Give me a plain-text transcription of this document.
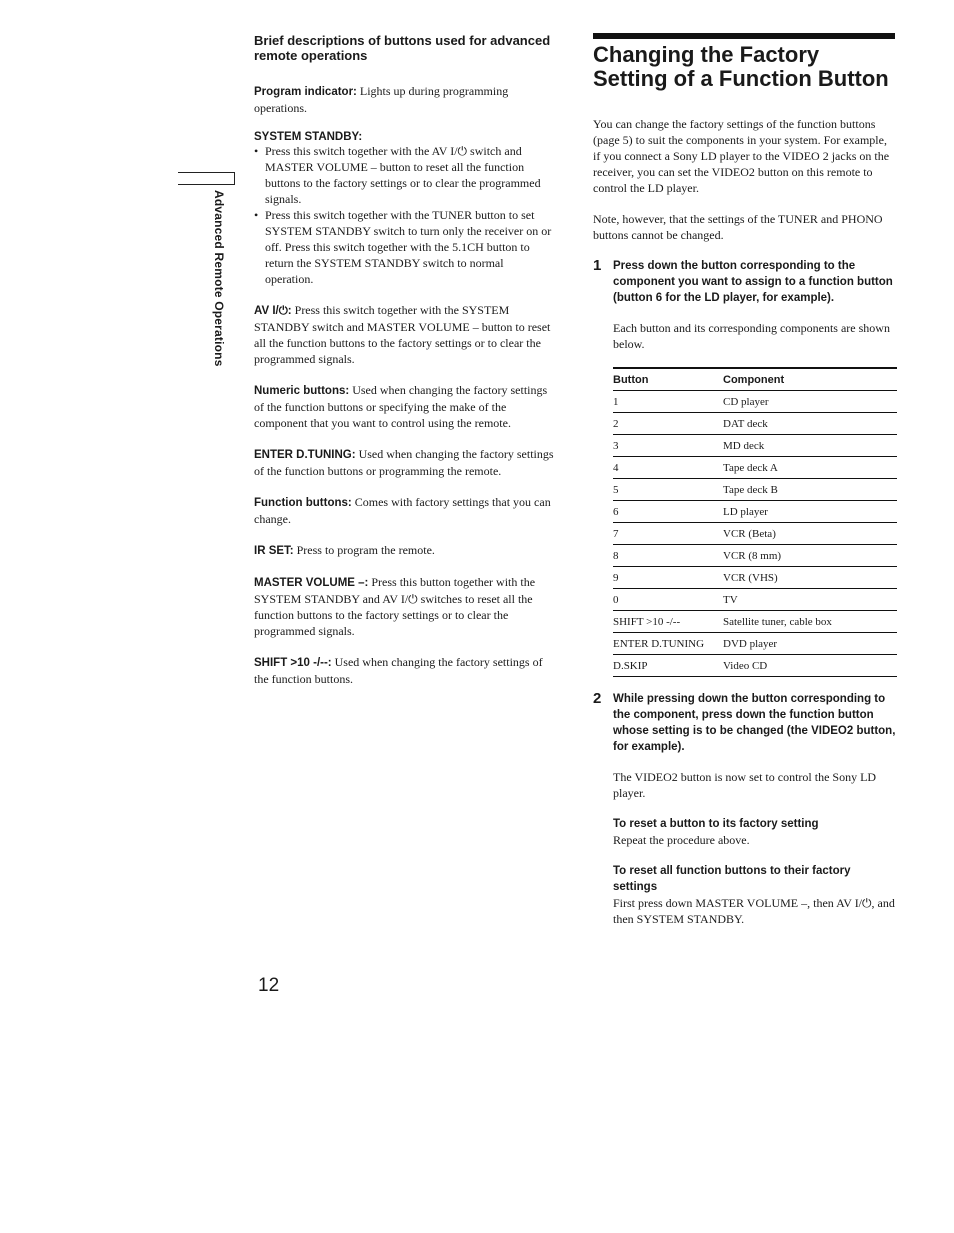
Advanced Remote Operations
Brief descriptions of buttons used for advanced remote operations

Program indicator: Lights up during programming operations.

SYSTEM STANDBY:
• Press this switch together with the AV I/⏻ switch and MASTER VOLUME – button to reset all the function buttons to the factory settings or to clear the programmed signals.
• Press this switch together with the TUNER button to set SYSTEM STANDBY switch to turn only the receiver on or off. Press this switch together with the 5.1CH button to return the SYSTEM STANDBY switch to normal operation.

AV I/⏻: Press this switch together with the SYSTEM STANDBY switch and MASTER VOLUME – button to reset all the function buttons to the factory settings or to clear the programmed signals.

Numeric buttons: Used when changing the factory settings of the function buttons or specifying the make of the component that you want to control using the remote.

ENTER D.TUNING: Used when changing the factory settings of the function buttons or programming the remote.

Function buttons: Comes with factory settings that you can change.

IR SET: Press to program the remote.

MASTER VOLUME –: Press this button together with the SYSTEM STANDBY and AV I/⏻ switches to reset all the function buttons to the factory settings or to clear the programmed signals.

SHIFT >10 -/--: Used when changing the factory settings of the function buttons.

Changing the Factory Setting of a Function Button

You can change the factory settings of the function buttons (page 5) to suit the components in your system. For example, if you connect a Sony LD player to the VIDEO 2 jacks on the receiver, you can set the VIDEO2 button on this remote to control the LD player.

Note, however, that the settings of the TUNER and PHONO buttons cannot be changed.

1 Press down the button corresponding to the component you want to assign to a function button (button 6 for the LD player, for example).

Each button and its corresponding components are shown below.

Button	Component
1	CD player
2	DAT deck
3	MD deck
4	Tape deck A
5	Tape deck B
6	LD player
7	VCR (Beta)
8	VCR (8 mm)
9	VCR (VHS)
0	TV
SHIFT >10 -/--	Satellite tuner, cable box
ENTER D.TUNING	DVD player
D.SKIP	Video CD
2 While pressing down the button corresponding to the component, press down the function button whose setting is to be changed (the VIDEO2 button, for example).

The VIDEO2 button is now set to control the Sony LD player.

To reset a button to its factory setting
Repeat the procedure above.
To reset all function buttons to their factory settings
First press down MASTER VOLUME –, then AV I/⏻, and then SYSTEM STANDBY.
12
